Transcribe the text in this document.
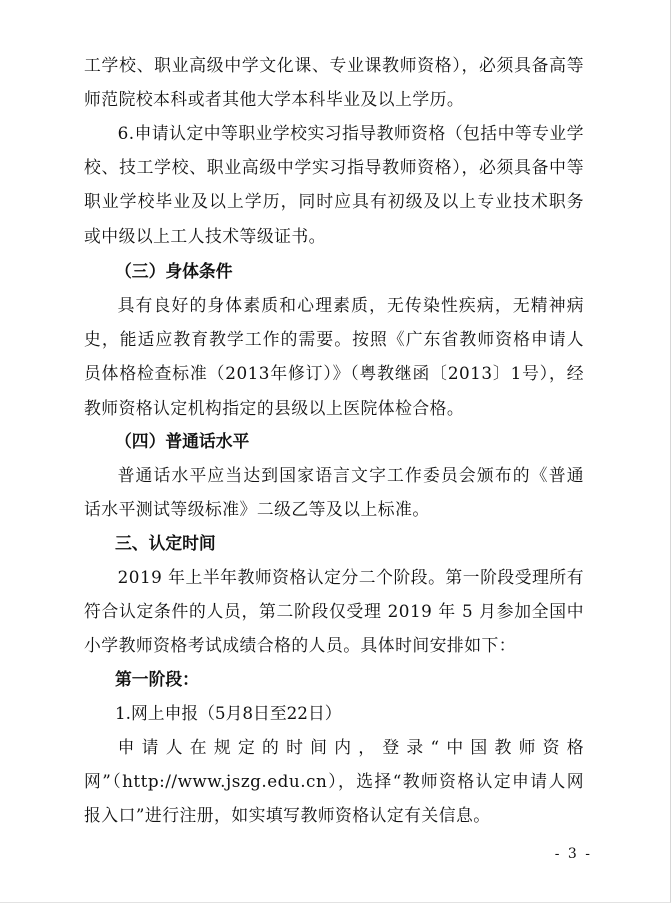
工学校、职业高级中学文化课、专业课教师资格），必须具备高等师范院校本科或者其他大学本科毕业及以上学历。
6.申请认定中等职业学校实习指导教师资格（包括中等专业学校、技工学校、职业高级中学实习指导教师资格），必须具备中等职业学校毕业及以上学历，同时应具有初级及以上专业技术职务或中级以上工人技术等级证书。
（三）身体条件
具有良好的身体素质和心理素质，无传染性疾病，无精神病史，能适应教育教学工作的需要。按照《广东省教师资格申请人员体格检查标准（2013年修订）》（粤教继函〔2013〕1号），经教师资格认定机构指定的县级以上医院体检合格。
（四）普通话水平
普通话水平应当达到国家语言文字工作委员会颁布的《普通话水平测试等级标准》二级乙等及以上标准。
三、认定时间
2019 年上半年教师资格认定分二个阶段。第一阶段受理所有符合认定条件的人员，第二阶段仅受理 2019 年 5 月参加全国中小学教师资格考试成绩合格的人员。具体时间安排如下：
第一阶段：
1.网上申报（5月8日至22日）
申请人在规定的时间内，登录“中国教师资格网”（http://www.jszg.edu.cn），选择“教师资格认定申请人网报入口”进行注册，如实填写教师资格认定有关信息。
- 3 -
